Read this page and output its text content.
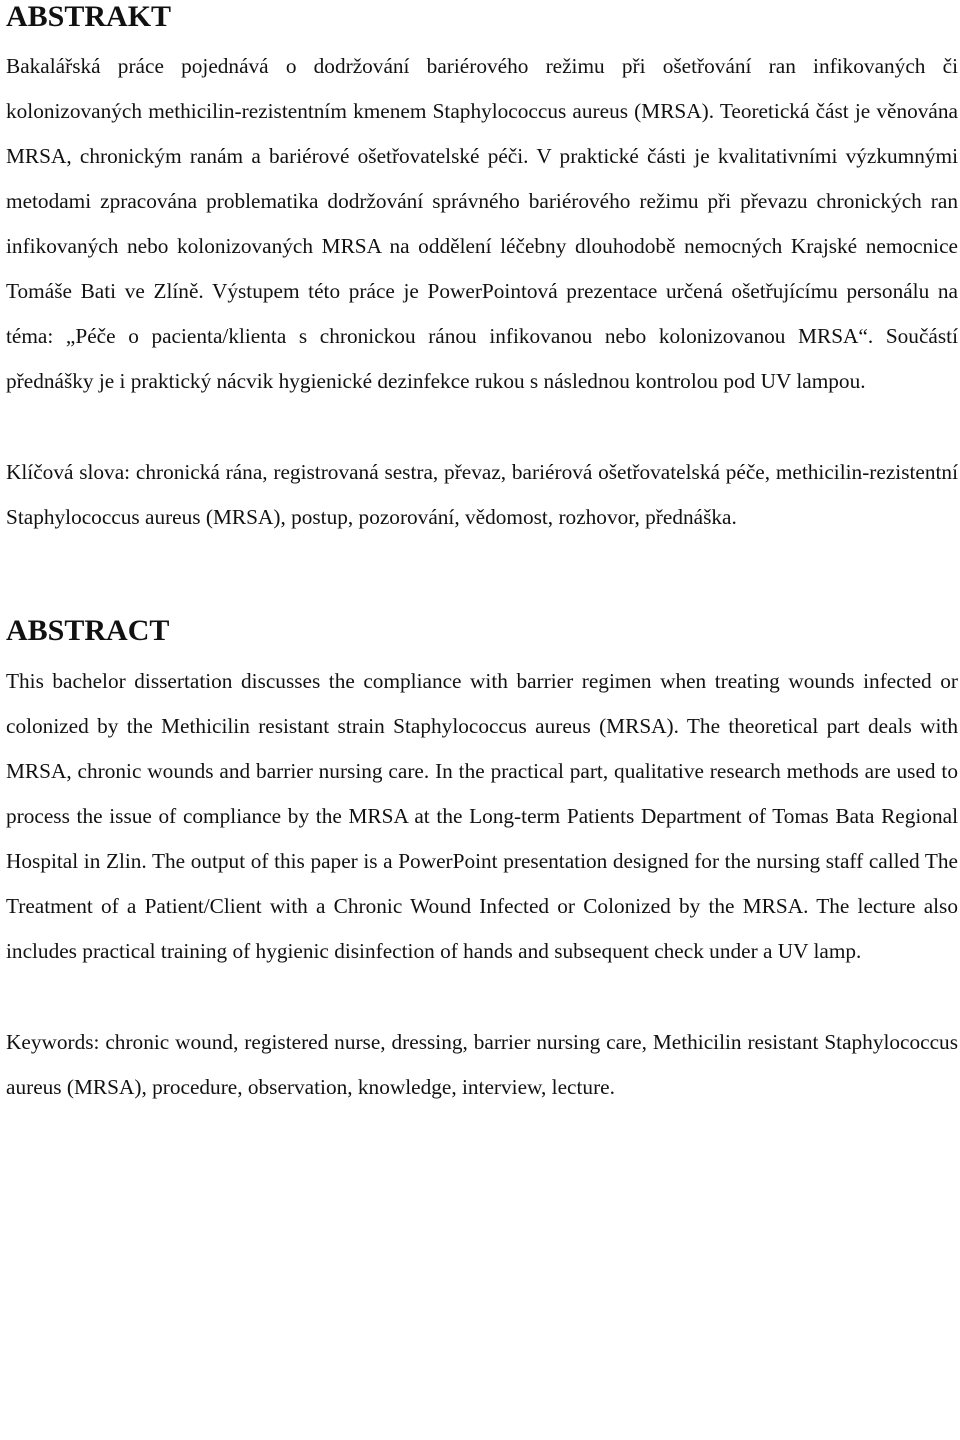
ABSTRAKT

Bakalářská práce pojednává o dodržování bariérového režimu při ošetřování ran infikovaných či kolonizovaných methicilin-rezistentním kmenem Staphylococcus aureus (MRSA). Teoretická část je věnována MRSA, chronickým ranám a bariérové ošetřovatelské péči. V praktické části je kvalitativními výzkumnými metodami zpracována problematika dodržování správného bariérového režimu při převazu chronických ran infikovaných nebo kolonizovaných MRSA na oddělení léčebny dlouhodobě nemocných Krajské nemocnice Tomáše Bati ve Zlíně. Výstupem této práce je PowerPointová prezentace určená ošetřujícímu personálu na téma: „Péče o pacienta/klienta s chronickou ránou infikovanou nebo kolonizovanou MRSA“. Součástí přednášky je i praktický nácvik hygienické dezinfekce rukou s následnou kontrolou pod UV lampou.

Klíčová slova: chronická rána, registrovaná sestra, převaz, bariérová ošetřovatelská péče, methicilin-rezistentní Staphylococcus aureus (MRSA), postup, pozorování, vědomost, rozhovor, přednáška.

ABSTRACT

This bachelor dissertation discusses the compliance with barrier regimen when treating wounds infected or colonized by the Methicilin resistant strain Staphylococcus aureus (MRSA). The theoretical part deals with MRSA, chronic wounds and barrier nursing care. In the practical part, qualitative research methods are used to process the issue of compliance by the MRSA at the Long-term Patients Department of Tomas Bata Regional Hospital in Zlin. The output of this paper is a PowerPoint presentation designed for the nursing staff called The Treatment of a Patient/Client with a Chronic Wound Infected or Colonized by the MRSA. The lecture also includes practical training of hygienic disinfection of hands and subsequent check under a UV lamp.

Keywords: chronic wound, registered nurse, dressing, barrier nursing care, Methicilin resistant Staphylococcus aureus (MRSA), procedure, observation, knowledge, interview, lecture.
